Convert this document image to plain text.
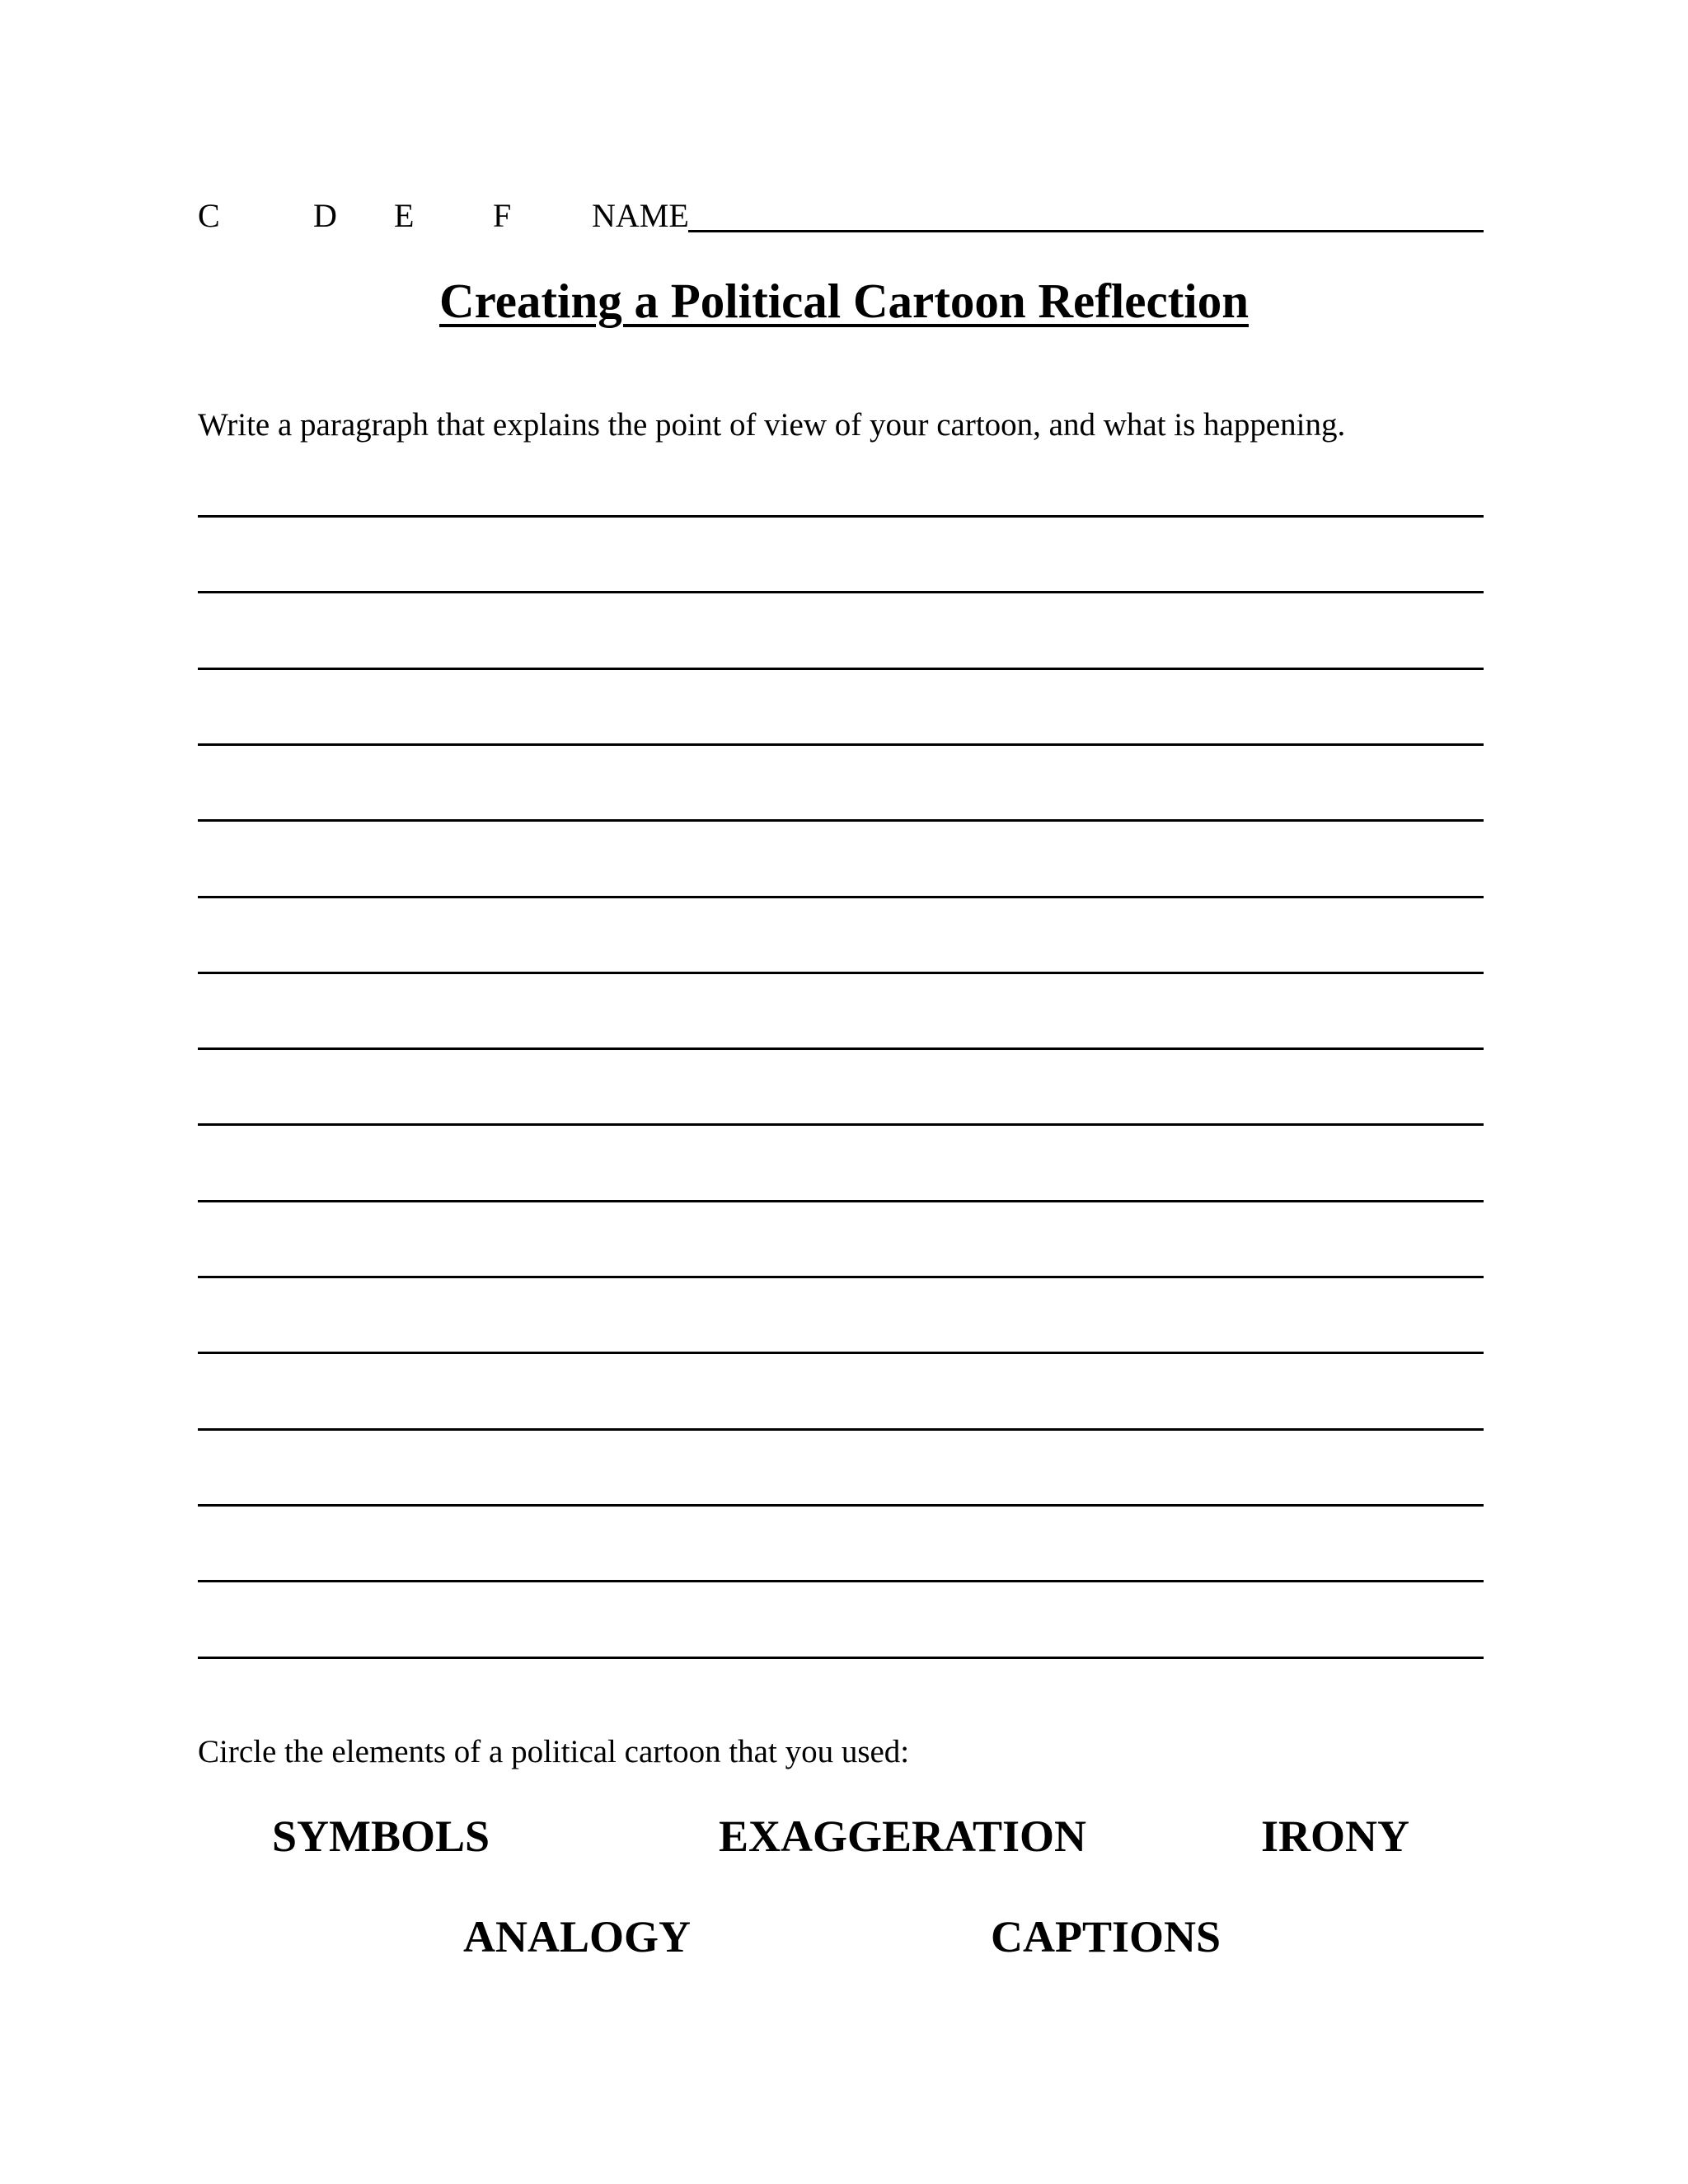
C	D E F NAME
Creating a Political Cartoon Reflection
Write a paragraph that explains the point of view of your cartoon, and what is happening.
Circle the elements of a political cartoon that you used:
SYMBOLS	EXAGGERATION	IRONY
ANALOGY	CAPTIONS
